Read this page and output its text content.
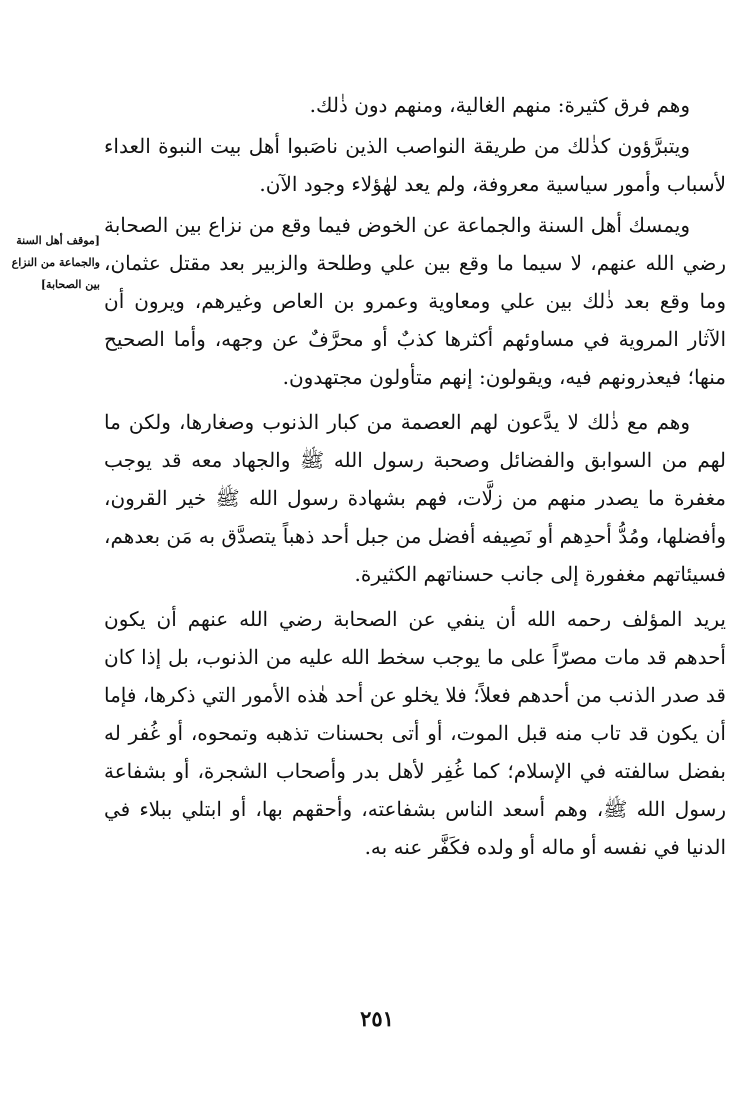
وهم فرق كثيرة: منهم الغالية، ومنهم دون ذٰلك.

ويتبرَّؤون كذٰلك من طريقة النواصب الذين ناصَبوا أهل بيت النبوة العداء لأسباب وأمور سياسية معروفة، ولم يعد لهٰؤلاء وجود الآن.

ويمسك أهل السنة والجماعة عن الخوض فيما وقع من نزاع بين الصحابة رضي الله عنهم، لا سيما ما وقع بين علي وطلحة والزبير بعد مقتل عثمان، وما وقع بعد ذٰلك بين علي ومعاوية وعمرو بن العاص وغيرهم، ويرون أن الآثار المروية في مساوئهم أكثرها كذبٌ أو محرَّفٌ عن وجهه، وأما الصحيح منها؛ فيعذرونهم فيه، ويقولون: إنهم متأولون مجتهدون.

وهم مع ذٰلك لا يدَّعون لهم العصمة من كبار الذنوب وصغارها، ولكن ما لهم من السوابق والفضائل وصحبة رسول الله ﷺ والجهاد معه قد يوجب مغفرة ما يصدر منهم من زلَّات، فهم بشهادة رسول الله ﷺ خير القرون، وأفضلها، ومُدُّ أحدِهم أو نَصِيفه أفضل من جبل أحد ذهباً يتصدَّق به مَن بعدهم، فسيئاتهم مغفورة إلى جانب حسناتهم الكثيرة.

يريد المؤلف رحمه الله أن ينفي عن الصحابة رضي الله عنهم أن يكون أحدهم قد مات مصرّاً على ما يوجب سخط الله عليه من الذنوب، بل إذا كان قد صدر الذنب من أحدهم فعلاً؛ فلا يخلو عن أحد هٰذه الأمور التي ذكرها، فإما أن يكون قد تاب منه قبل الموت، أو أتى بحسنات تذهبه وتمحوه، أو غُفر له بفضل سالفته في الإسلام؛ كما غُفِر لأهل بدر وأصحاب الشجرة، أو بشفاعة رسول الله ﷺ، وهم أسعد الناس بشفاعته، وأحقهم بها، أو ابتلي ببلاء في الدنيا في نفسه أو ماله أو ولده فكَفَّر عنه به.

[موقف أهل السنة
والجماعة من النزاع
بين الصحابة]
٢٥١
